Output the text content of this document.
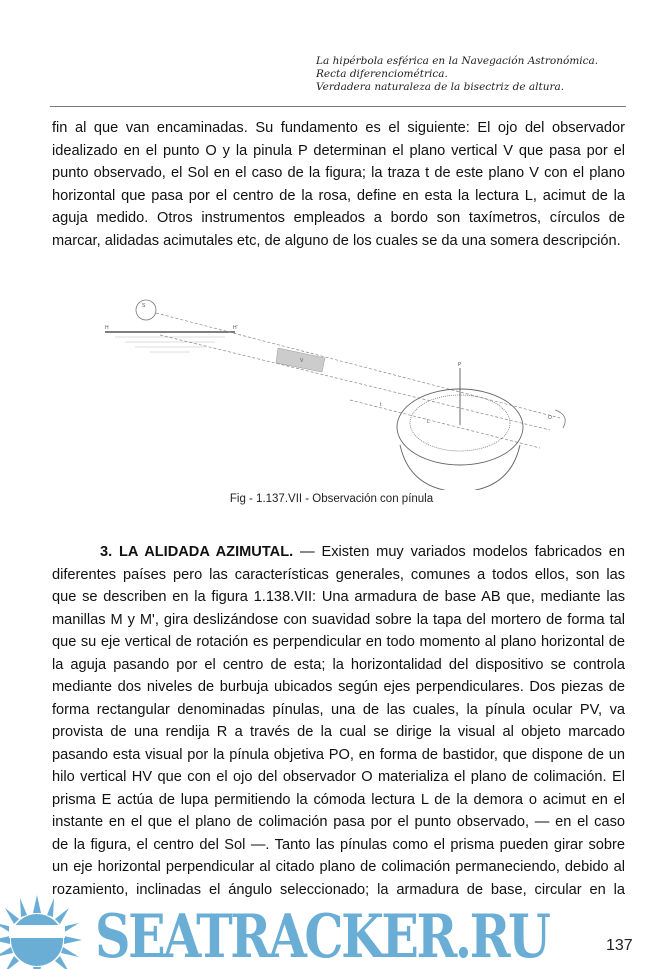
La hipérbola esférica en la Navegación Astronómica.
Recta diferenciométrica.
Verdadera naturaleza de la bisectriz de altura.
fin al que van encaminadas. Su fundamento es el siguiente: El ojo del observador
idealizado en el punto O y la pinula P determinan el plano vertical V que pasa por el
punto observado, el Sol en el caso de la figura; la traza t de este plano V con el plano
horizontal que pasa por el centro de la rosa, define en esta la lectura L, acimut de la
aguja medido. Otros instrumentos empleados a bordo son taxímetros, círculos de
marcar, alidadas acimutales etc, de alguno de los cuales se da una somera descripción.
S
H	H'
V
t
P
L
O
Fig - 1.137.VII - Observación con pínula
3. LA ALIDADA AZIMUTAL. — Existen muy variados modelos fabricados en
diferentes países pero las características generales, comunes a todos ellos, son las
que se describen en la figura 1.138.VII: Una armadura de base AB que, mediante las
manillas M y M', gira deslizándose con suavidad sobre la tapa del mortero de forma tal
que su eje vertical de rotación es perpendicular en todo momento al plano horizontal de
la aguja pasando por el centro de esta; la horizontalidad del dispositivo se controla
mediante dos niveles de burbuja ubicados según ejes perpendiculares. Dos piezas de
forma rectangular denominadas pínulas, una de las cuales, la pínula ocular PV, va
provista de una rendija R a través de la cual se dirige la visual al objeto marcado
pasando esta visual por la pínula objetiva PO, en forma de bastidor, que dispone de un
hilo vertical HV que con el ojo del observador O materializa el plano de colimación. El
prisma E actúa de lupa permitiendo la cómoda lectura L de la demora o acimut en el
instante en el que el plano de colimación pasa por el punto observado, — en el caso
de la figura, el centro del Sol —. Tanto las pínulas como el prisma pueden girar sobre
un eje horizontal perpendicular al citado plano de colimación permaneciendo, debido al
rozamiento, inclinadas el ángulo seleccionado; la armadura de base, circular en la
SEATRACKER.RU	137
